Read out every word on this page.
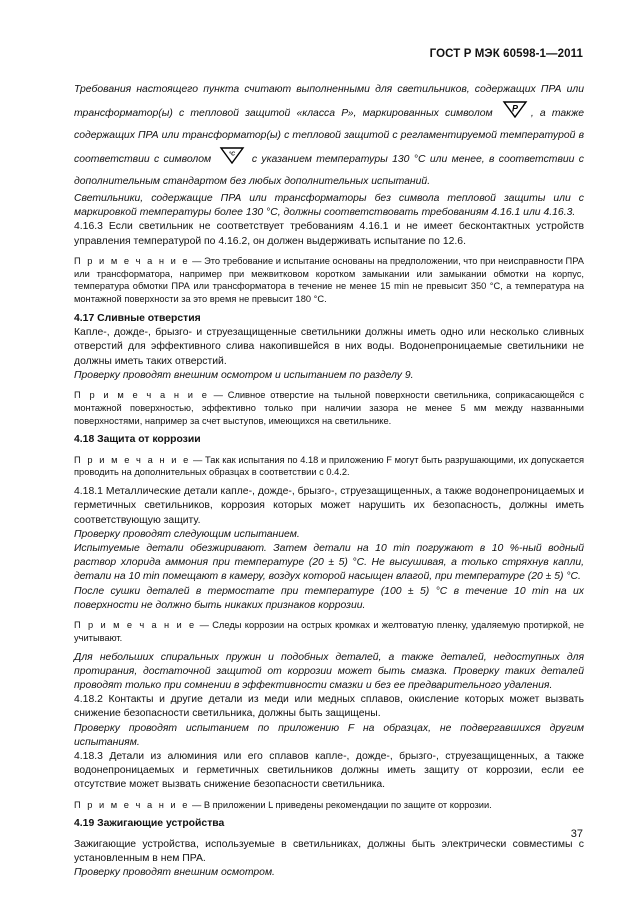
ГОСТ Р МЭК 60598-1—2011

Требования настоящего пункта считают выполненными для светильников, содержащих ПРА или трансформатор(ы) с тепловой защитой «класса Р», маркированных символом P , а также содержащих ПРА или трансформатор(ы) с тепловой защитой с регламентируемой температурой в соответствии с символом	°C с указанием температуры 130 °С или менее, в соответствии с дополнительным стандартом без любых дополнительных испытаний.

Светильники, содержащие ПРА или трансформаторы без символа тепловой защиты или с маркировкой температуры более 130 °С, должны соответствовать требованиям 4.16.1 или 4.16.3.

4.16.3 Если светильник не соответствует требованиям 4.16.1 и не имеет бесконтактных устройств управления температурой по 4.16.2, он должен выдерживать испытание по 12.6.

П р и м е ч а н и е — Это требование и испытание основаны на предположении, что при неисправности ПРА или трансформатора, например при межвитковом коротком замыкании или замыкании обмотки на корпус, температура обмотки ПРА или трансформатора в течение не менее 15 min не превысит 350 °С, а температура на монтажной поверхности за это время не превысит 180 °С.

4.17 Сливные отверстия

Капле-, дожде-, брызго- и струезащищенные светильники должны иметь одно или несколько сливных отверстий для эффективного слива накопившейся в них воды. Водонепроницаемые светильники не должны иметь таких отверстий.

Проверку проводят внешним осмотром и испытанием по разделу 9.

П р и м е ч а н и е — Сливное отверстие на тыльной поверхности светильника, соприкасающейся с монтажной поверхностью, эффективно только при наличии зазора не менее 5 мм между названными поверхностями, например за счет выступов, имеющихся на светильнике.

4.18 Защита от коррозии

П р и м е ч а н и е — Так как испытания по 4.18 и приложению F могут быть разрушающими, их допускается проводить на дополнительных образцах в соответствии с 0.4.2.

4.18.1 Металлические детали капле-, дожде-, брызго-, струезащищенных, а также водонепроницаемых и герметичных светильников, коррозия которых может нарушить их безопасность, должны иметь соответствующую защиту.

Проверку проводят следующим испытанием.

Испытуемые детали обезжиривают. Затем детали на 10 min погружают в 10 %-ный водный раствор хлорида аммония при температуре (20 ± 5) °С. Не высушивая, а только стряхнув капли, детали на 10 min помещают в камеру, воздух которой насыщен влагой, при температуре (20 ± 5) °С.

После сушки деталей в термостате при температуре (100 ± 5) °С в течение 10 min на их поверхности не должно быть никаких признаков коррозии.

П р и м е ч а н и е — Следы коррозии на острых кромках и желтоватую пленку, удаляемую протиркой, не учитывают.

Для небольших спиральных пружин и подобных деталей, а также деталей, недоступных для протирания, достаточной защитой от коррозии может быть смазка. Проверку таких деталей проводят только при сомнении в эффективности смазки и без ее предварительного удаления.

4.18.2 Контакты и другие детали из меди или медных сплавов, окисление которых может вызвать снижение безопасности светильника, должны быть защищены.

Проверку проводят испытанием по приложению F на образцах, не подвергавшихся другим испытаниям.

4.18.3 Детали из алюминия или его сплавов капле-, дожде-, брызго-, струезащищенных, а также водонепроницаемых и герметичных светильников должны иметь защиту от коррозии, если ее отсутствие может вызвать снижение безопасности светильника.

П р и м е ч а н и е — В приложении L приведены рекомендации по защите от коррозии.

4.19 Зажигающие устройства

Зажигающие устройства, используемые в светильниках, должны быть электрически совместимы с установленным в нем ПРА.

Проверку проводят внешним осмотром.

37
